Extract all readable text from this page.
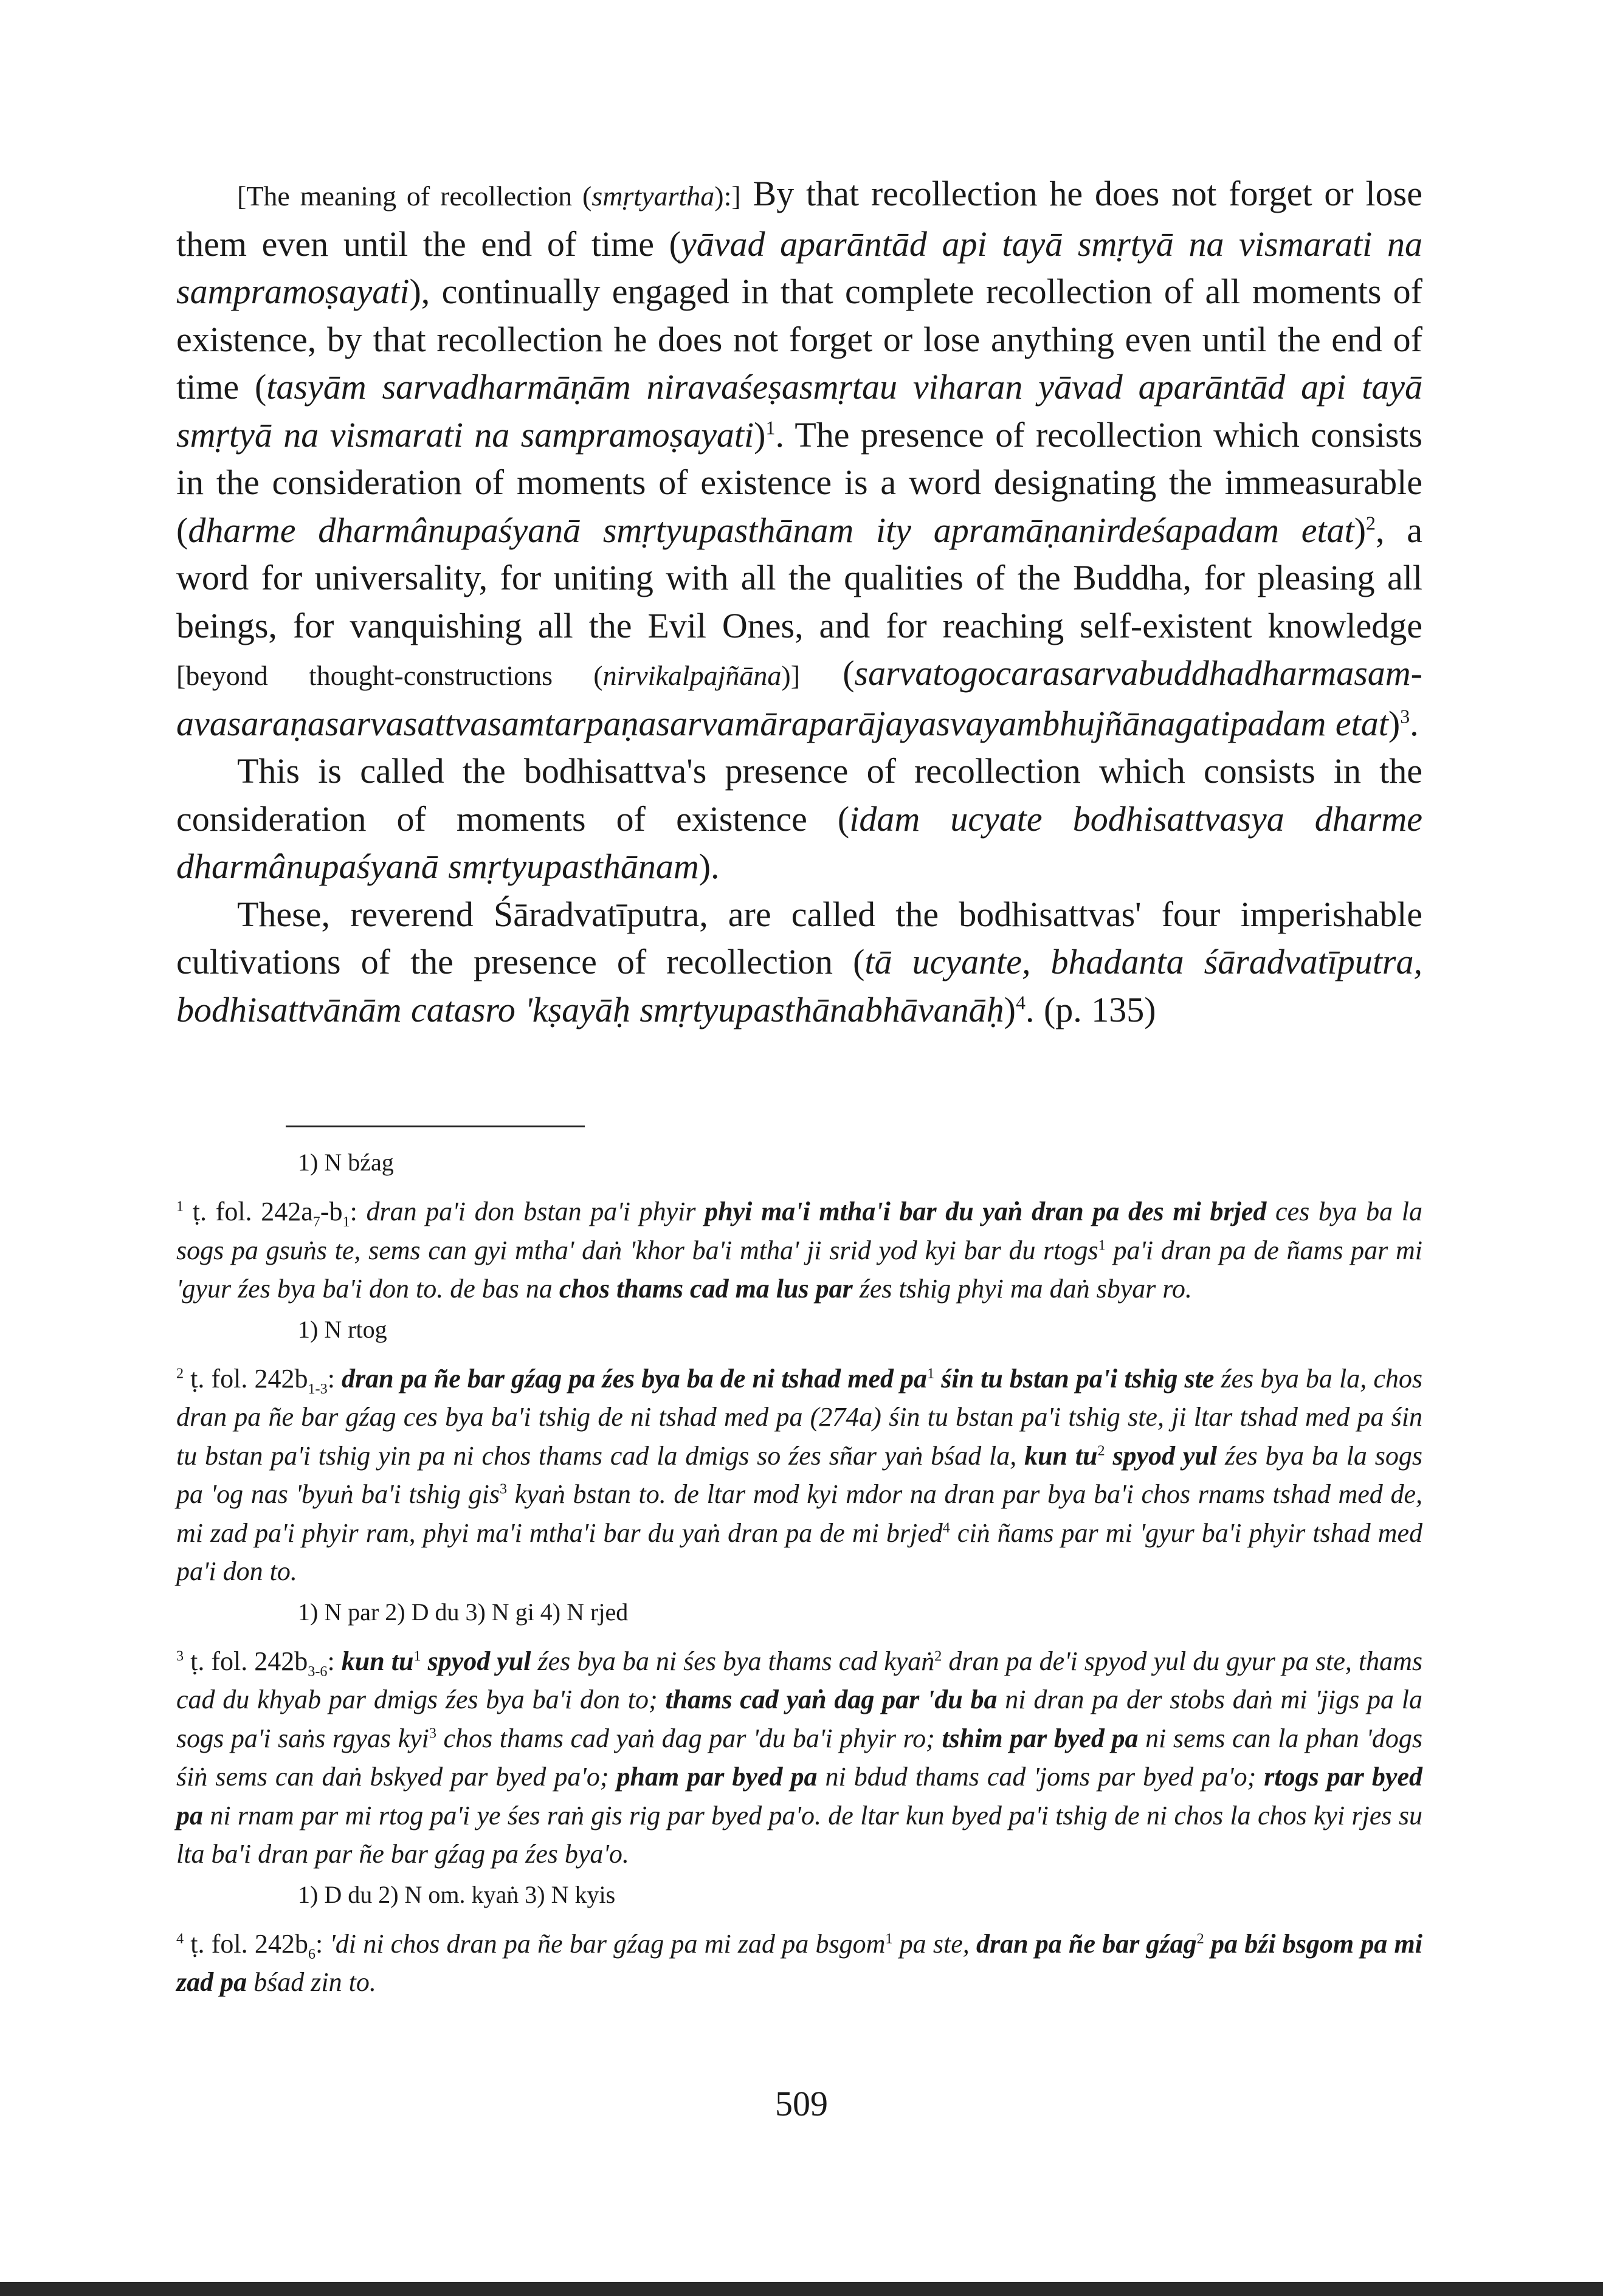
[The meaning of recollection (smṛtyartha):] By that recollection he does not forget or lose them even until the end of time (yāvad aparāntād api tayā smṛtyā na vismarati na sampramoṣayati), continually engaged in that complete recollection of all moments of existence, by that recollection he does not forget or lose anything even until the end of time (tasyām sarvadharmāṇām niravaśeṣasmṛtau viharan yāvad aparāntād api tayā smṛtyā na vismarati na sampramoṣayati)$^1$. The presence of recollection which consists in the consideration of moments of existence is a word designating the immeasurable (dharme dharmânupaśyanā smṛtyupasthānam ity apramāṇanirdeśapadam etat)$^2$, a word for universality, for uniting with all the qualities of the Buddha, for pleasing all beings, for vanquishing all the Evil Ones, and for reaching self-existent knowledge [beyond thought-constructions (nirvikalpajñāna)] (sarvatogocarasarvabuddhadharmasamavasaraṇasarvasattvasamtarpaṇasarvamāraparājayasvayambhujñānagatipadam etat)$^3$.

This is called the bodhisattva's presence of recollection which consists in the consideration of moments of existence (idam ucyate bodhisattvasya dharme dharmânupaśyanā smṛtyupasthānam).

These, reverend Śāradvatīputra, are called the bodhisattvas' four imperishable cultivations of the presence of recollection (tā ucyante, bhadanta śāradvatīputra, bodhisattvānām catasro 'kṣayāḥ smṛtyupasthānabhāvanāḥ)$^4$. (p. 135)

1) N bźag

$^1$ ṭ. fol. $242a_7-b_1$: dran pa'i don bstan pa'i phyir phyi ma'i mtha'i bar du yaṅ dran pa des mi brjed ces bya ba la sogs pa gsuṅs te, sems can gyi mtha' daṅ 'khor ba'i mtha' ji srid yod kyi bar du rtogs$^1$ pa'i dran pa de ñams par mi 'gyur źes bya ba'i don to. de bas na chos thams cad ma lus par źes tshig phyi ma daṅ sbyar ro.

1) N rtog

$^2$ ṭ. fol. $242b_{1-3}$: dran pa ñe bar gźag pa źes bya ba de ni tshad med $pa^1$ śin tu bstan pa'i tshig ste źes bya ba la, chos dran pa ñe bar gźag ces bya ba'i tshig de ni tshad med pa (274a) śin tu bstan pa'i tshig ste, ji ltar tshad med pa śin tu bstan pa'i tshig yin pa ni chos thams cad la dmigs so źes sñar yaṅ bśad la, kun $tu^2$ spyod yul źes bya ba la sogs pa 'og nas 'byuṅ ba'i tshig gis$^3$ kyaṅ bstan to. de ltar mod kyi mdor na dran par bya ba'i chos rnams tshad med de, mi zad pa'i phyir ram, phyi ma'i mtha'i bar du yaṅ dran pa de mi brjed$^4$ ciṅ ñams par mi 'gyur ba'i phyir tshad med pa'i don to.

1) N par 2) D du 3) N gi 4) N rjed

$^3$ ṭ. fol. $242b_{3-6}$: kun $tu^1$ spyod yul źes bya ba ni śes bya thams cad kyaṅ$^2$ dran pa de'i spyod yul du gyur pa ste, thams cad du khyab par dmigs źes bya ba'i don to; thams cad yaṅ dag par 'du ba ni dran pa der stobs daṅ mi 'jigs pa la sogs pa'i saṅs rgyas kyi$^3$ chos thams cad yaṅ dag par 'du ba'i phyir ro; tshim par byed pa ni sems can la phan 'dogs śiṅ sems can daṅ bskyed par byed pa'o; pham par byed pa ni bdud thams cad 'joms par byed pa'o; rtogs par byed pa ni rnam par mi rtog pa'i ye śes raṅ gis rig par byed pa'o. de ltar kun byed pa'i tshig de ni chos la chos kyi rjes su lta ba'i dran par ñe bar gźag pa źes bya'o.

1) D du 2) N om. kyaṅ 3) N kyis

$^4$ ṭ. fol. $242b_6$: 'di ni chos dran pa ñe bar gźag pa mi zad pa bsgom$^1$ pa ste, dran pa ñe bar gźag$^2$ pa bźi bsgom pa mi zad pa bśad zin to.

509
